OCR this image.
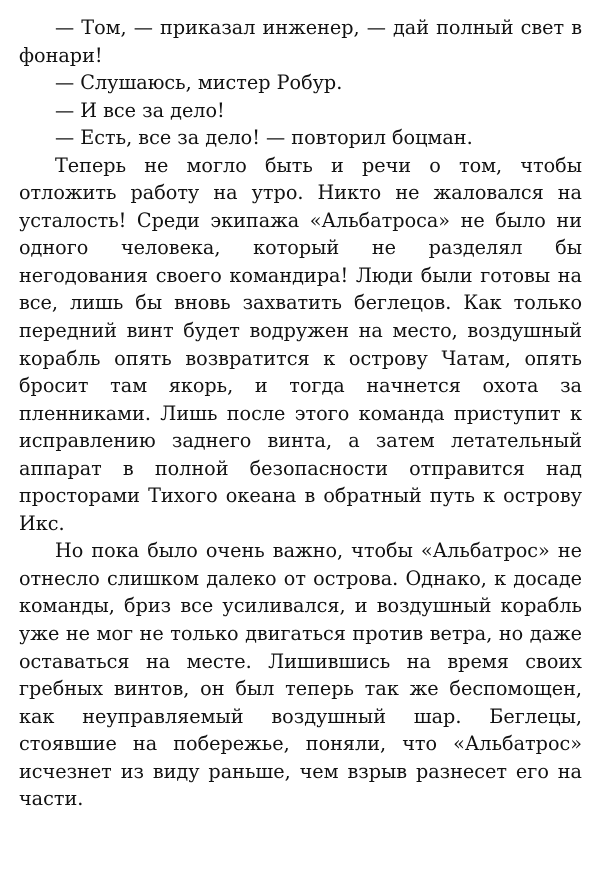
— Том, — приказал инженер, — дай полный свет в фонари!

— Слушаюсь, мистер Робур.

— И все за дело!

— Есть, все за дело! — повторил боцман.

Теперь не могло быть и речи о том, чтобы отложить работу на утро. Никто не жаловался на усталость! Среди экипажа «Альбатроса» не было ни одного человека, который не разделял бы негодования своего командира! Люди были готовы на все, лишь бы вновь захватить беглецов. Как только передний винт будет водружен на место, воздушный корабль опять возвратится к острову Чатам, опять бросит там якорь, и тогда начнется охота за пленниками. Лишь после этого команда приступит к исправлению заднего винта, а затем летательный аппарат в полной безопасности отправится над просторами Тихого океана в обратный путь к острову Икс.

Но пока было очень важно, чтобы «Альбатрос» не отнесло слишком далеко от острова. Однако, к досаде команды, бриз все усиливался, и воздушный корабль уже не мог не только двигаться против ветра, но даже оставаться на месте. Лишившись на время своих гребных винтов, он был теперь так же беспомощен, как неуправляемый воздушный шар. Беглецы, стоявшие на побережье, поняли, что «Альбатрос» исчезнет из виду раньше, чем взрыв разнесет его на части.
